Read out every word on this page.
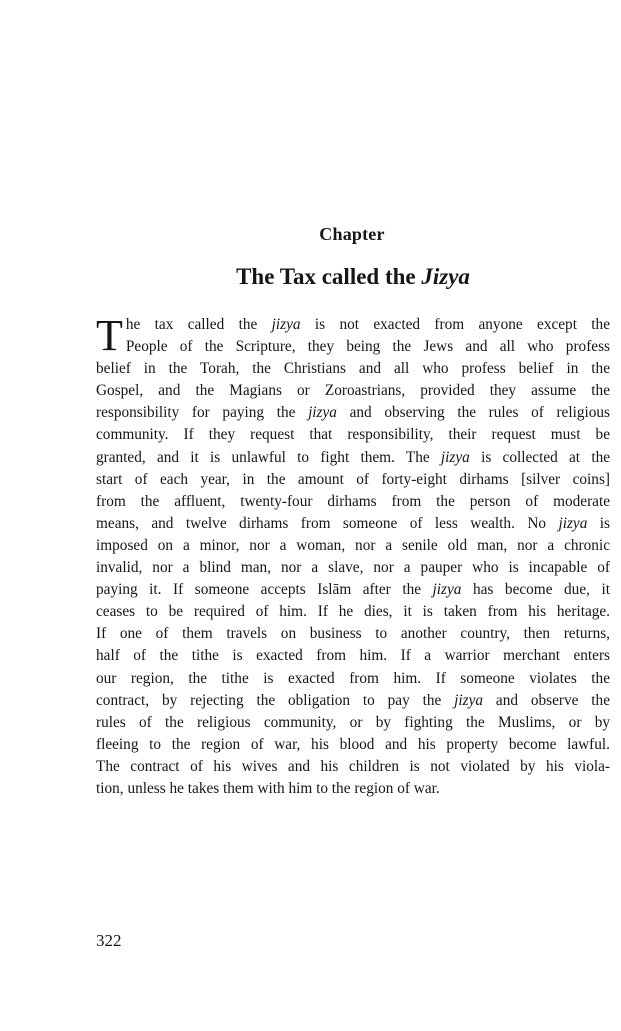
Chapter
The Tax called the Jizya
T he tax called the jizya is not exacted from anyone except the
People of the Scripture, they being the Jews and all who profess
belief in the Torah, the Christians and all who profess belief in the
Gospel, and the Magians or Zoroastrians, provided they assume the
responsibility for paying the jizya and observing the rules of religious
community. If they request that responsibility, their request must be
granted, and it is unlawful to fight them. The jizya is collected at the
start of each year, in the amount of forty-eight dirhams [silver coins]
from the affluent, twenty-four dirhams from the person of moderate
means, and twelve dirhams from someone of less wealth. No jizya is
imposed on a minor, nor a woman, nor a senile old man, nor a chronic
invalid, nor a blind man, nor a slave, nor a pauper who is incapable of
paying it. If someone accepts Islām after the jizya has become due, it
ceases to be required of him. If he dies, it is taken from his heritage.
If one of them travels on business to another country, then returns,
half of the tithe is exacted from him. If a warrior merchant enters
our region, the tithe is exacted from him. If someone violates the
contract, by rejecting the obligation to pay the jizya and observe the
rules of the religious community, or by fighting the Muslims, or by
fleeing to the region of war, his blood and his property become lawful.
The contract of his wives and his children is not violated by his viola-
tion, unless he takes them with him to the region of war.
322
